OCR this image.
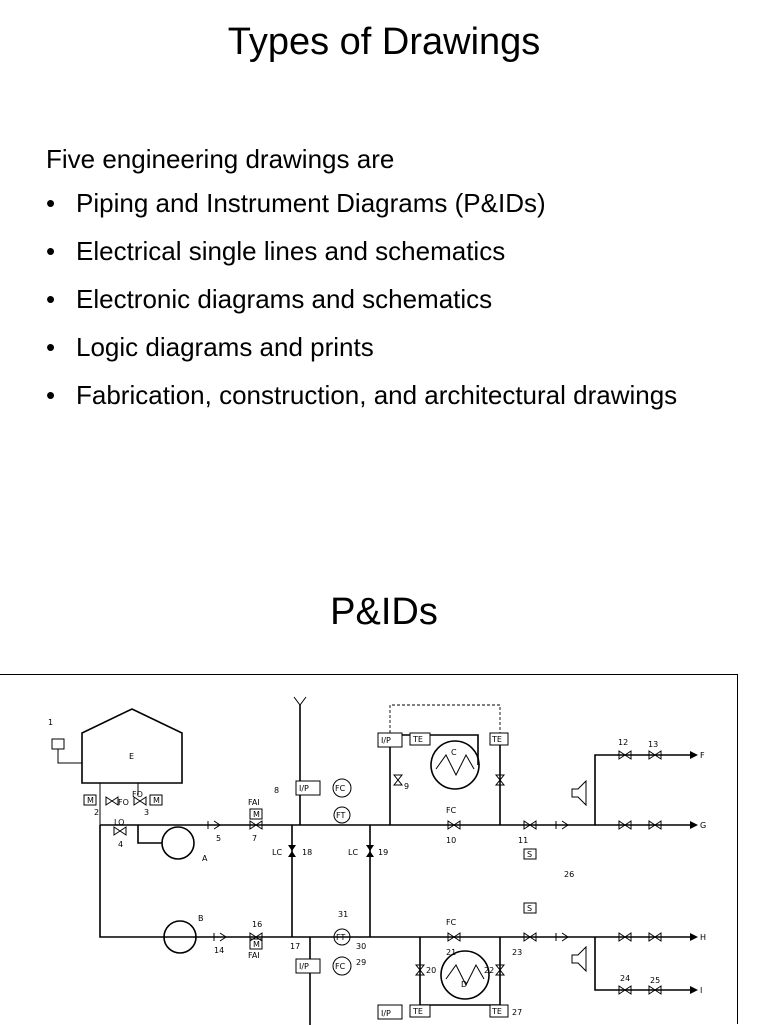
Types of Drawings
Five engineering drawings are
• Piping and Instrument Diagrams (P&IDs)
• Electrical single lines and schematics
• Electronic diagrams and schematics
• Logic diagrams and prints
• Fabrication, construction, and architectural drawings
P&IDs
E
A
B
C
D
F
G
H
I
1
2	3
4
5	7
8	9
10	11
12 13
14
16
17
18	19
20
21
22
23
24 25
26
27
29
30
31
I/P
I/P
I/P
I/P
TE	TE
TE	TE
FC
FC
FC
FC
FT
FT
FAI
FAI
M
M
M	M
S
S
LC	LC
LO
FO
FO
